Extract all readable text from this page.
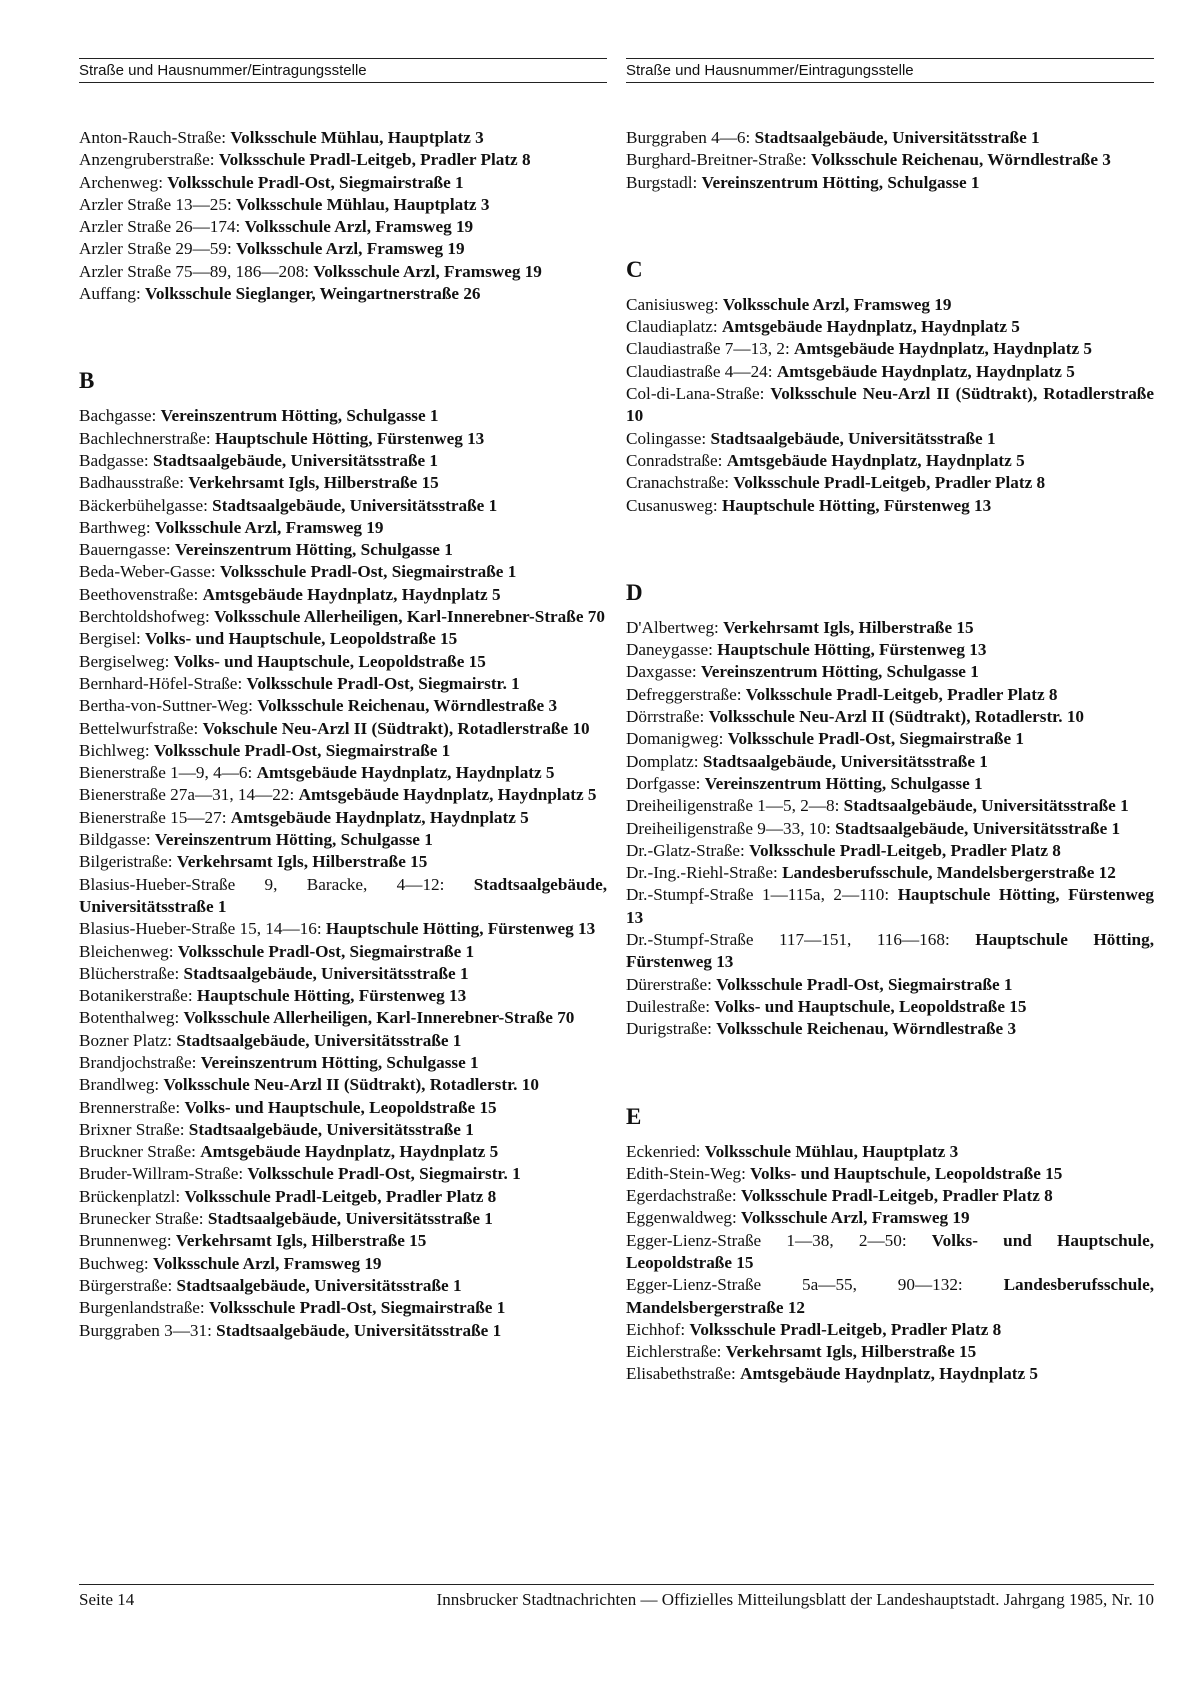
Straße und Hausnummer/Eintragungsstelle
Anton-Rauch-Straße: Volksschule Mühlau, Hauptplatz 3
Anzengruberstraße: Volksschule Pradl-Leitgeb, Pradler Platz 8
Archenweg: Volksschule Pradl-Ost, Siegmairstraße 1
Arzler Straße 13—25: Volksschule Mühlau, Hauptplatz 3
Arzler Straße 26—174: Volksschule Arzl, Framsweg 19
Arzler Straße 29—59: Volksschule Arzl, Framsweg 19
Arzler Straße 75—89, 186—208: Volksschule Arzl, Framsweg 19
Auffang: Volksschule Sieglanger, Weingartnerstraße 26
B
Bachgasse: Vereinszentrum Hötting, Schulgasse 1
Bachlechnerstraße: Hauptschule Hötting, Fürstenweg 13
Badgasse: Stadtsaalgebäude, Universitätsstraße 1
Badhausstraße: Verkehrsamt Igls, Hilberstraße 15
Bäckerbühelgasse: Stadtsaalgebäude, Universitätsstraße 1
Barthweg: Volksschule Arzl, Framsweg 19
Bauerngasse: Vereinszentrum Hötting, Schulgasse 1
Beda-Weber-Gasse: Volksschule Pradl-Ost, Siegmairstraße 1
Beethovenstraße: Amtsgebäude Haydnplatz, Haydnplatz 5
Berchtoldshofweg: Volksschule Allerheiligen, Karl-Innerebner-Straße 70
Bergisel: Volks- und Hauptschule, Leopoldstraße 15
Bergiselweg: Volks- und Hauptschule, Leopoldstraße 15
Bernhard-Höfel-Straße: Volksschule Pradl-Ost, Siegmairstr. 1
Bertha-von-Suttner-Weg: Volksschule Reichenau, Wörndlestraße 3
Bettelwurfstraße: Vokschule Neu-Arzl II (Südtrakt), Rotadlerstraße 10
Bichlweg: Volksschule Pradl-Ost, Siegmairstraße 1
Bienerstraße 1—9, 4—6: Amtsgebäude Haydnplatz, Haydnplatz 5
Bienerstraße 27a—31, 14—22: Amtsgebäude Haydnplatz, Haydnplatz 5
Bienerstraße 15—27: Amtsgebäude Haydnplatz, Haydnplatz 5
Bildgasse: Vereinszentrum Hötting, Schulgasse 1
Bilgeristraße: Verkehrsamt Igls, Hilberstraße 15
Blasius-Hueber-Straße 9, Baracke, 4—12: Stadtsaalgebäude, Universitätsstraße 1
Blasius-Hueber-Straße 15, 14—16: Hauptschule Hötting, Fürstenweg 13
Bleichenweg: Volksschule Pradl-Ost, Siegmairstraße 1
Blücherstraße: Stadtsaalgebäude, Universitätsstraße 1
Botanikerstraße: Hauptschule Hötting, Fürstenweg 13
Botenthalweg: Volksschule Allerheiligen, Karl-Innerebner-Straße 70
Bozner Platz: Stadtsaalgebäude, Universitätsstraße 1
Brandjochstraße: Vereinszentrum Hötting, Schulgasse 1
Brandlweg: Volksschule Neu-Arzl II (Südtrakt), Rotadlerstr. 10
Brennerstraße: Volks- und Hauptschule, Leopoldstraße 15
Brixner Straße: Stadtsaalgebäude, Universitätsstraße 1
Bruckner Straße: Amtsgebäude Haydnplatz, Haydnplatz 5
Bruder-Willram-Straße: Volksschule Pradl-Ost, Siegmairstr. 1
Brückenplatzl: Volksschule Pradl-Leitgeb, Pradler Platz 8
Brunecker Straße: Stadtsaalgebäude, Universitätsstraße 1
Brunnenweg: Verkehrsamt Igls, Hilberstraße 15
Buchweg: Volksschule Arzl, Framsweg 19
Bürgerstraße: Stadtsaalgebäude, Universitätsstraße 1
Burgenlandstraße: Volksschule Pradl-Ost, Siegmairstraße 1
Burggraben 3—31: Stadtsaalgebäude, Universitätsstraße 1
Straße und Hausnummer/Eintragungsstelle
Burggraben 4—6: Stadtsaalgebäude, Universitätsstraße 1
Burghard-Breitner-Straße: Volksschule Reichenau, Wörndlestraße 3
Burgstadl: Vereinszentrum Hötting, Schulgasse 1
C
Canisiusweg: Volksschule Arzl, Framsweg 19
Claudiaplatz: Amtsgebäude Haydnplatz, Haydnplatz 5
Claudiastraße 7—13, 2: Amtsgebäude Haydnplatz, Haydnplatz 5
Claudiastraße 4—24: Amtsgebäude Haydnplatz, Haydnplatz 5
Col-di-Lana-Straße: Volksschule Neu-Arzl II (Südtrakt), Rotadlerstraße 10
Colingasse: Stadtsaalgebäude, Universitätsstraße 1
Conradstraße: Amtsgebäude Haydnplatz, Haydnplatz 5
Cranachstraße: Volksschule Pradl-Leitgeb, Pradler Platz 8
Cusanusweg: Hauptschule Hötting, Fürstenweg 13
D
D'Albertweg: Verkehrsamt Igls, Hilberstraße 15
Daneygasse: Hauptschule Hötting, Fürstenweg 13
Daxgasse: Vereinszentrum Hötting, Schulgasse 1
Defreggerstraße: Volksschule Pradl-Leitgeb, Pradler Platz 8
Dörrstraße: Volksschule Neu-Arzl II (Südtrakt), Rotadlerstr. 10
Domanigweg: Volksschule Pradl-Ost, Siegmairstraße 1
Domplatz: Stadtsaalgebäude, Universitätsstraße 1
Dorfgasse: Vereinszentrum Hötting, Schulgasse 1
Dreiheiligenstraße 1—5, 2—8: Stadtsaalgebäude, Universitätsstraße 1
Dreiheiligenstraße 9—33, 10: Stadtsaalgebäude, Universitätsstraße 1
Dr.-Glatz-Straße: Volksschule Pradl-Leitgeb, Pradler Platz 8
Dr.-Ing.-Riehl-Straße: Landesberufsschule, Mandelsbergerstraße 12
Dr.-Stumpf-Straße 1—115a, 2—110: Hauptschule Hötting, Fürstenweg 13
Dr.-Stumpf-Straße 117—151, 116—168: Hauptschule Hötting, Fürstenweg 13
Dürerstraße: Volksschule Pradl-Ost, Siegmairstraße 1
Duilestraße: Volks- und Hauptschule, Leopoldstraße 15
Durigstraße: Volksschule Reichenau, Wörndlestraße 3
E
Eckenried: Volksschule Mühlau, Hauptplatz 3
Edith-Stein-Weg: Volks- und Hauptschule, Leopoldstraße 15
Egerdachstraße: Volksschule Pradl-Leitgeb, Pradler Platz 8
Eggenwaldweg: Volksschule Arzl, Framsweg 19
Egger-Lienz-Straße 1—38, 2—50: Volks- und Hauptschule, Leopoldstraße 15
Egger-Lienz-Straße 5a—55, 90—132: Landesberufsschule, Mandelsbergerstraße 12
Eichhof: Volksschule Pradl-Leitgeb, Pradler Platz 8
Eichlerstraße: Verkehrsamt Igls, Hilberstraße 15
Elisabethstraße: Amtsgebäude Haydnplatz, Haydnplatz 5
Seite 14	Innsbrucker Stadtnachrichten — Offizielles Mitteilungsblatt der Landeshauptstadt. Jahrgang 1985, Nr. 10
